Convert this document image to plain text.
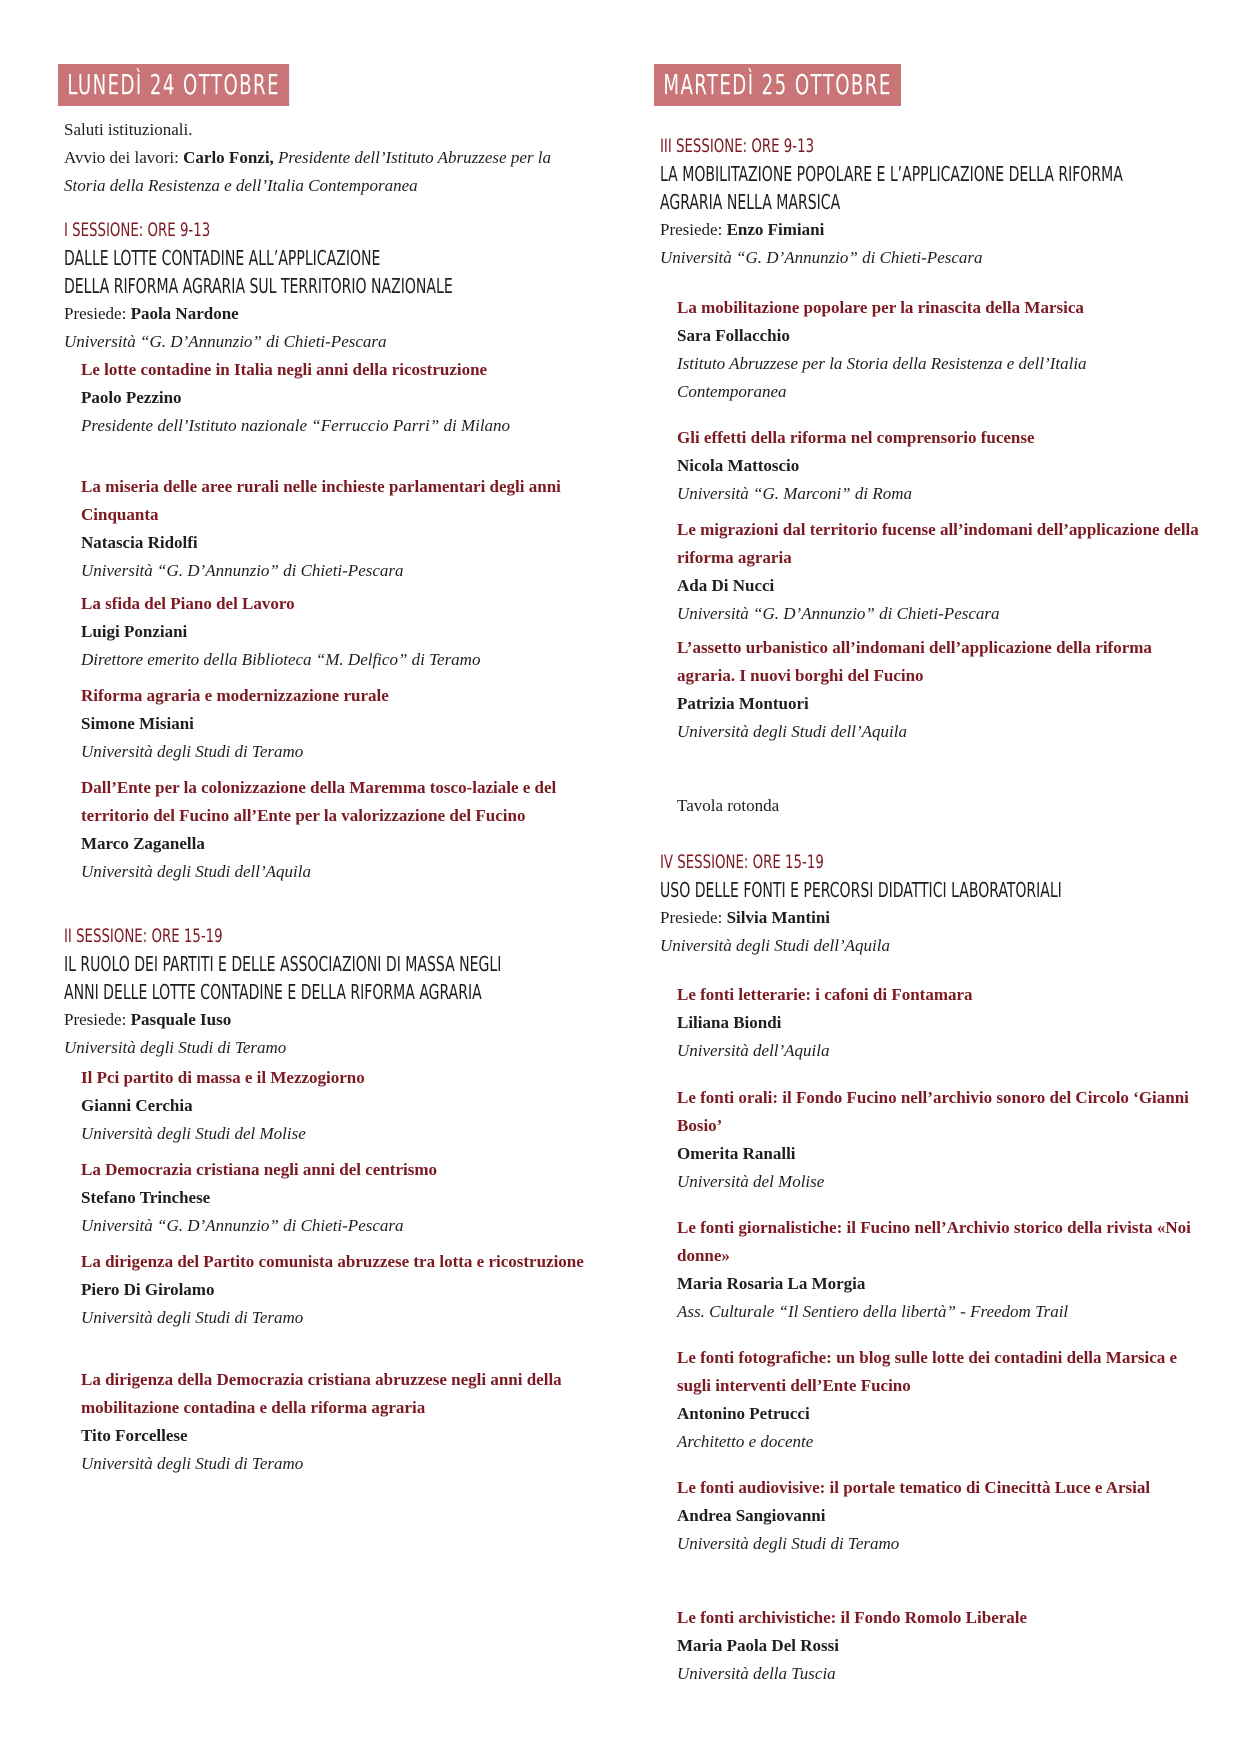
LUNEDÌ 24 OTTOBRE

Saluti istituzionali.

Avvio dei lavori: Carlo Fonzi, Presidente dell’Istituto Abruzzese per la Storia della Resistenza e dell’Italia Contemporanea

I SESSIONE: ORE 9-13
DALLE LOTTE CONTADINE ALL’APPLICAZIONE
DELLA RIFORMA AGRARIA SUL TERRITORIO NAZIONALE

Presiede: Paola Nardone

Università “G. D’Annunzio” di Chieti-Pescara

Le lotte contadine in Italia negli anni della ricostruzione

Paolo Pezzino

Presidente dell’Istituto nazionale “Ferruccio Parri” di Milano

La miseria delle aree rurali nelle inchieste parlamentari degli anni Cinquanta

Natascia Ridolfi

Università “G. D’Annunzio” di Chieti-Pescara

La sfida del Piano del Lavoro

Luigi Ponziani

Direttore emerito della Biblioteca “M. Delfico” di Teramo

Riforma agraria e modernizzazione rurale

Simone Misiani

Università degli Studi di Teramo

Dall’Ente per la colonizzazione della Maremma tosco-laziale e del territorio del Fucino all’Ente per la valorizzazione del Fucino

Marco Zaganella

Università degli Studi dell’Aquila

II SESSIONE: ORE 15-19
IL RUOLO DEI PARTITI E DELLE ASSOCIAZIONI DI MASSA NEGLI
ANNI DELLE LOTTE CONTADINE E DELLA RIFORMA AGRARIA

Presiede: Pasquale Iuso

Università degli Studi di Teramo

Il Pci partito di massa e il Mezzogiorno

Gianni Cerchia

Università degli Studi del Molise

La Democrazia cristiana negli anni del centrismo

Stefano Trinchese

Università “G. D’Annunzio” di Chieti-Pescara

La dirigenza del Partito comunista abruzzese tra lotta e ricostruzione

Piero Di Girolamo

Università degli Studi di Teramo

La dirigenza della Democrazia cristiana abruzzese negli anni della mobilitazione contadina e della riforma agraria

Tito Forcellese

Università degli Studi di Teramo

MARTEDÌ 25 OTTOBRE
III SESSIONE: ORE 9-13
LA MOBILITAZIONE POPOLARE E L’APPLICAZIONE DELLA RIFORMA
AGRARIA NELLA MARSICA

Presiede: Enzo Fimiani

Università “G. D’Annunzio” di Chieti-Pescara

La mobilitazione popolare per la rinascita della Marsica

Sara Follacchio

Istituto Abruzzese per la Storia della Resistenza e dell’Italia Contemporanea

Gli effetti della riforma nel comprensorio fucense

Nicola Mattoscio

Università “G. Marconi” di Roma

Le migrazioni dal territorio fucense all’indomani dell’applicazione della riforma agraria

Ada Di Nucci

Università “G. D’Annunzio” di Chieti-Pescara

L’assetto urbanistico all’indomani dell’applicazione della riforma agraria. I nuovi borghi del Fucino

Patrizia Montuori

Università degli Studi dell’Aquila

Tavola rotonda

IV SESSIONE: ORE 15-19
USO DELLE FONTI E PERCORSI DIDATTICI LABORATORIALI

Presiede: Silvia Mantini

Università degli Studi dell’Aquila

Le fonti letterarie: i cafoni di Fontamara

Liliana Biondi

Università dell’Aquila

Le fonti orali: il Fondo Fucino nell’archivio sonoro del Circolo ‘Gianni Bosio’

Omerita Ranalli

Università del Molise

Le fonti giornalistiche: il Fucino nell’Archivio storico della rivista «Noi donne»

Maria Rosaria La Morgia

Ass. Culturale “Il Sentiero della libertà” - Freedom Trail

Le fonti fotografiche: un blog sulle lotte dei contadini della Marsica e sugli interventi dell’Ente Fucino

Antonino Petrucci

Architetto e docente

Le fonti audiovisive: il portale tematico di Cinecittà Luce e Arsial

Andrea Sangiovanni

Università degli Studi di Teramo

Le fonti archivistiche: il Fondo Romolo Liberale

Maria Paola Del Rossi

Università della Tuscia
